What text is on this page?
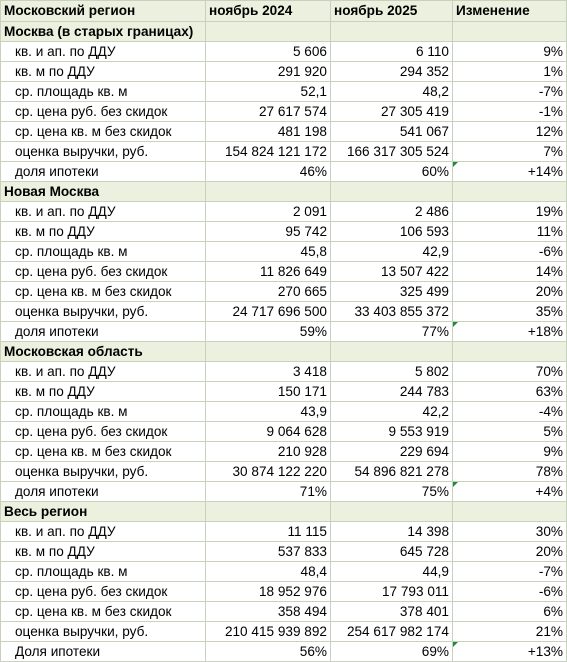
Московский регион	ноябрь 2024	ноябрь 2025	Изменение
Москва (в старых границах)			
кв. и ап. по ДДУ	5 606	6 110	9%
кв. м по ДДУ	291 920	294 352	1%
ср. площадь кв. м	52,1	48,2	-7%
ср. цена руб. без скидок	27 617 574	27 305 419	-1%
ср. цена кв. м без скидок	481 198	541 067	12%
оценка выручки, руб.	154 824 121 172	166 317 305 524	7%
доля ипотеки	46%	60%	+14%
Новая Москва			
кв. и ап. по ДДУ	2 091	2 486	19%
кв. м по ДДУ	95 742	106 593	11%
ср. площадь кв. м	45,8	42,9	-6%
ср. цена руб. без скидок	11 826 649	13 507 422	14%
ср. цена кв. м без скидок	270 665	325 499	20%
оценка выручки, руб.	24 717 696 500	33 403 855 372	35%
доля ипотеки	59%	77%	+18%
Московская область			
кв. и ап. по ДДУ	3 418	5 802	70%
кв. м по ДДУ	150 171	244 783	63%
ср. площадь кв. м	43,9	42,2	-4%
ср. цена руб. без скидок	9 064 628	9 553 919	5%
ср. цена кв. м без скидок	210 928	229 694	9%
оценка выручки, руб.	30 874 122 220	54 896 821 278	78%
доля ипотеки	71%	75%	+4%
Весь регион			
кв. и ап. по ДДУ	11 115	14 398	30%
кв. м по ДДУ	537 833	645 728	20%
ср. площадь кв. м	48,4	44,9	-7%
ср. цена руб. без скидок	18 952 976	17 793 011	-6%
ср. цена кв. м без скидок	358 494	378 401	6%
оценка выручки, руб.	210 415 939 892	254 617 982 174	21%
Доля ипотеки	56%	69%	+13%
